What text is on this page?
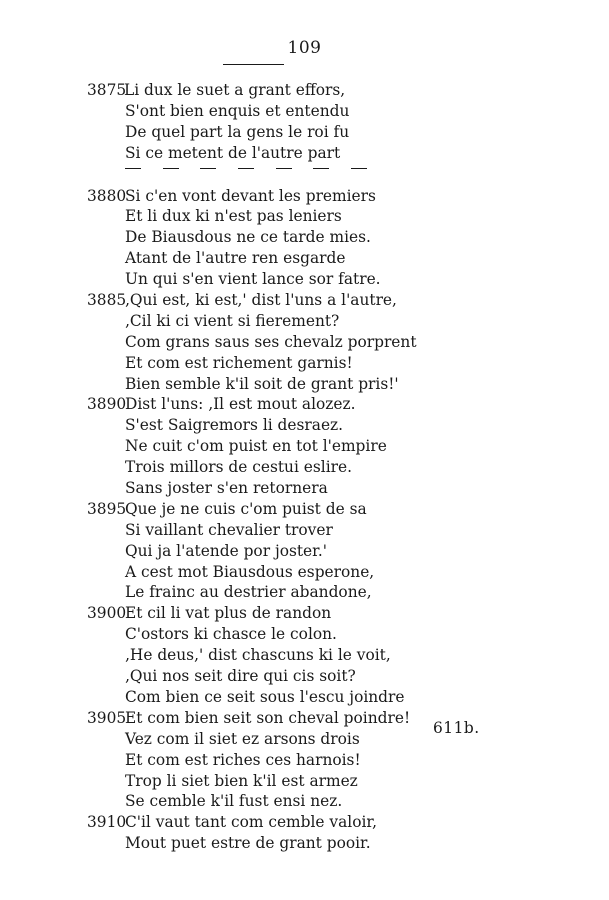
109
3875
Li dux le suet a grant effors,
S'ont bien enquis et entendu
De quel part la gens le roi fu
Si ce metent de l'autre part
3880
Si c'en vont devant les premiers
Et li dux ki n'est pas leniers
De Biausdous ne ce tarde mies.
Atant de l'autre ren esgarde
Un qui s'en vient lance sor fatre.
3885
‚Qui est, ki est,' dist l'uns a l'autre,
‚Cil ki ci vient si fierement?
Com grans saus ses chevalz porprent
Et com est richement garnis!
Bien semble k'il soit de grant pris!'
3890
Dist l'uns: ‚Il est mout alozez.
S'est Saigremors li desraez.
Ne cuit c'om puist en tot l'empire
Trois millors de cestui eslire.
Sans joster s'en retornera
3895
Que je ne cuis c'om puist de sa
Si vaillant chevalier trover
Qui ja l'atende por joster.'
A cest mot Biausdous esperone,
Le frainc au destrier abandone,
3900
Et cil li vat plus de randon
C'ostors ki chasce le colon.
‚He deus,' dist chascuns ki le voit,
‚Qui nos seit dire qui cis soit?
Com bien ce seit sous l'escu joindre
3905
Et com bien seit son cheval poindre!
Vez com il siet ez arsons drois
Et com est riches ces harnois!
Trop li siet bien k'il est armez
Se cemble k'il fust ensi nez.
3910
C'il vaut tant com cemble valoir,
Mout puet estre de grant pooir.
611b.
